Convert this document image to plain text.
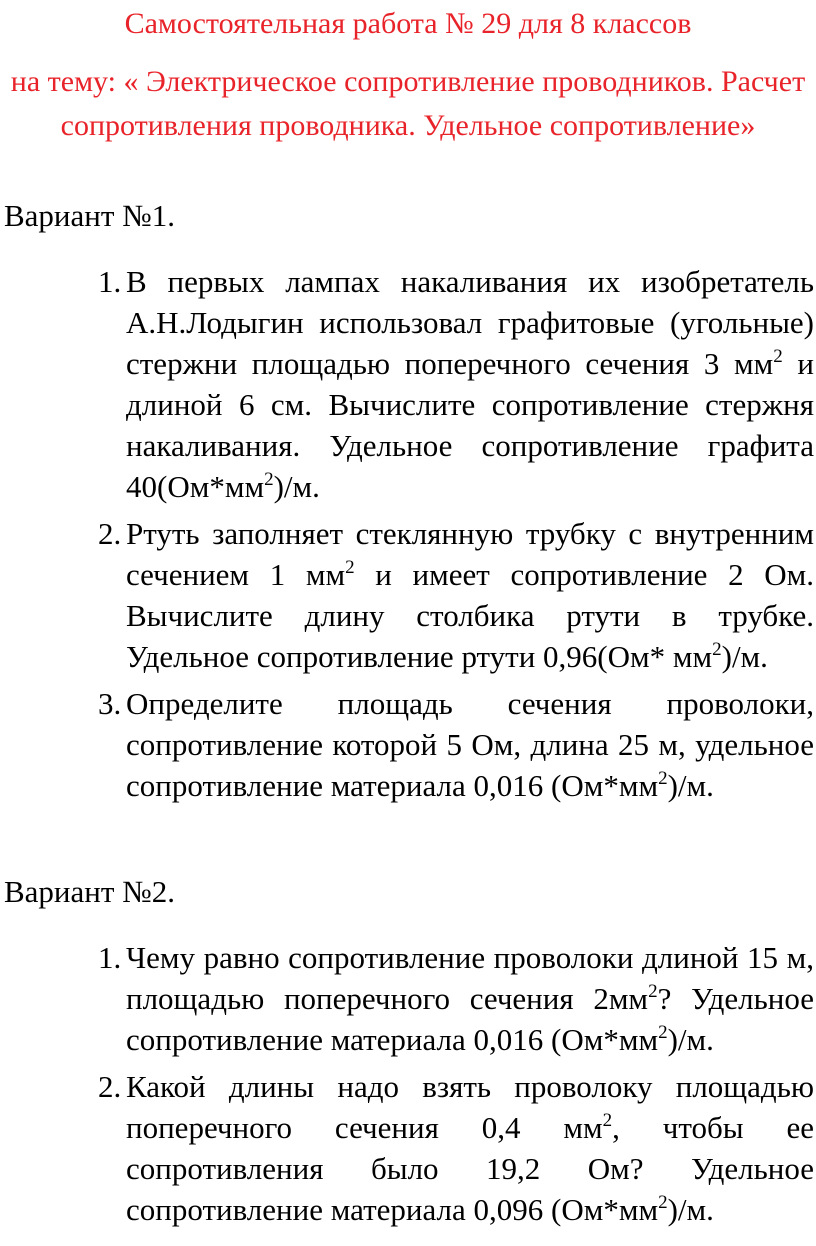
Самостоятельная работа № 29 для 8 классов
на тему: « Электрическое сопротивление проводников. Расчет сопротивления проводника. Удельное сопротивление»
Вариант №1.
1. В первых лампах накаливания их изобретатель А.Н.Лодыгин использовал графитовые (угольные) стержни площадью поперечного сечения 3 $мм^2$ и длиной 6 см. Вычислите сопротивление стержня накаливания. Удельное сопротивление графита $40(Ом*мм^2)/м$.
2. Ртуть заполняет стеклянную трубку с внутренним сечением 1 $мм^2$ и имеет сопротивление 2 Ом. Вычислите длину столбика ртути в трубке. Удельное сопротивление ртути 0,96(Ом* $мм^2)/м$.
3. Определите площадь сечения проволоки, сопротивление которой 5 Ом, длина 25 м, удельное сопротивление материала 0,016 $(Ом*мм^2)/м$.
Вариант №2.
1. Чему равно сопротивление проволоки длиной 15 м, площадью поперечного сечения $2мм^2$? Удельное сопротивление материала 0,016 $(Ом*мм^2)/м$.
2. Какой длины надо взять проволоку площадью поперечного сечения 0,4 $мм^2$, чтобы ее сопротивления было 19,2 Ом? Удельное сопротивление материала 0,096 $(Ом*мм^2)/м$.
